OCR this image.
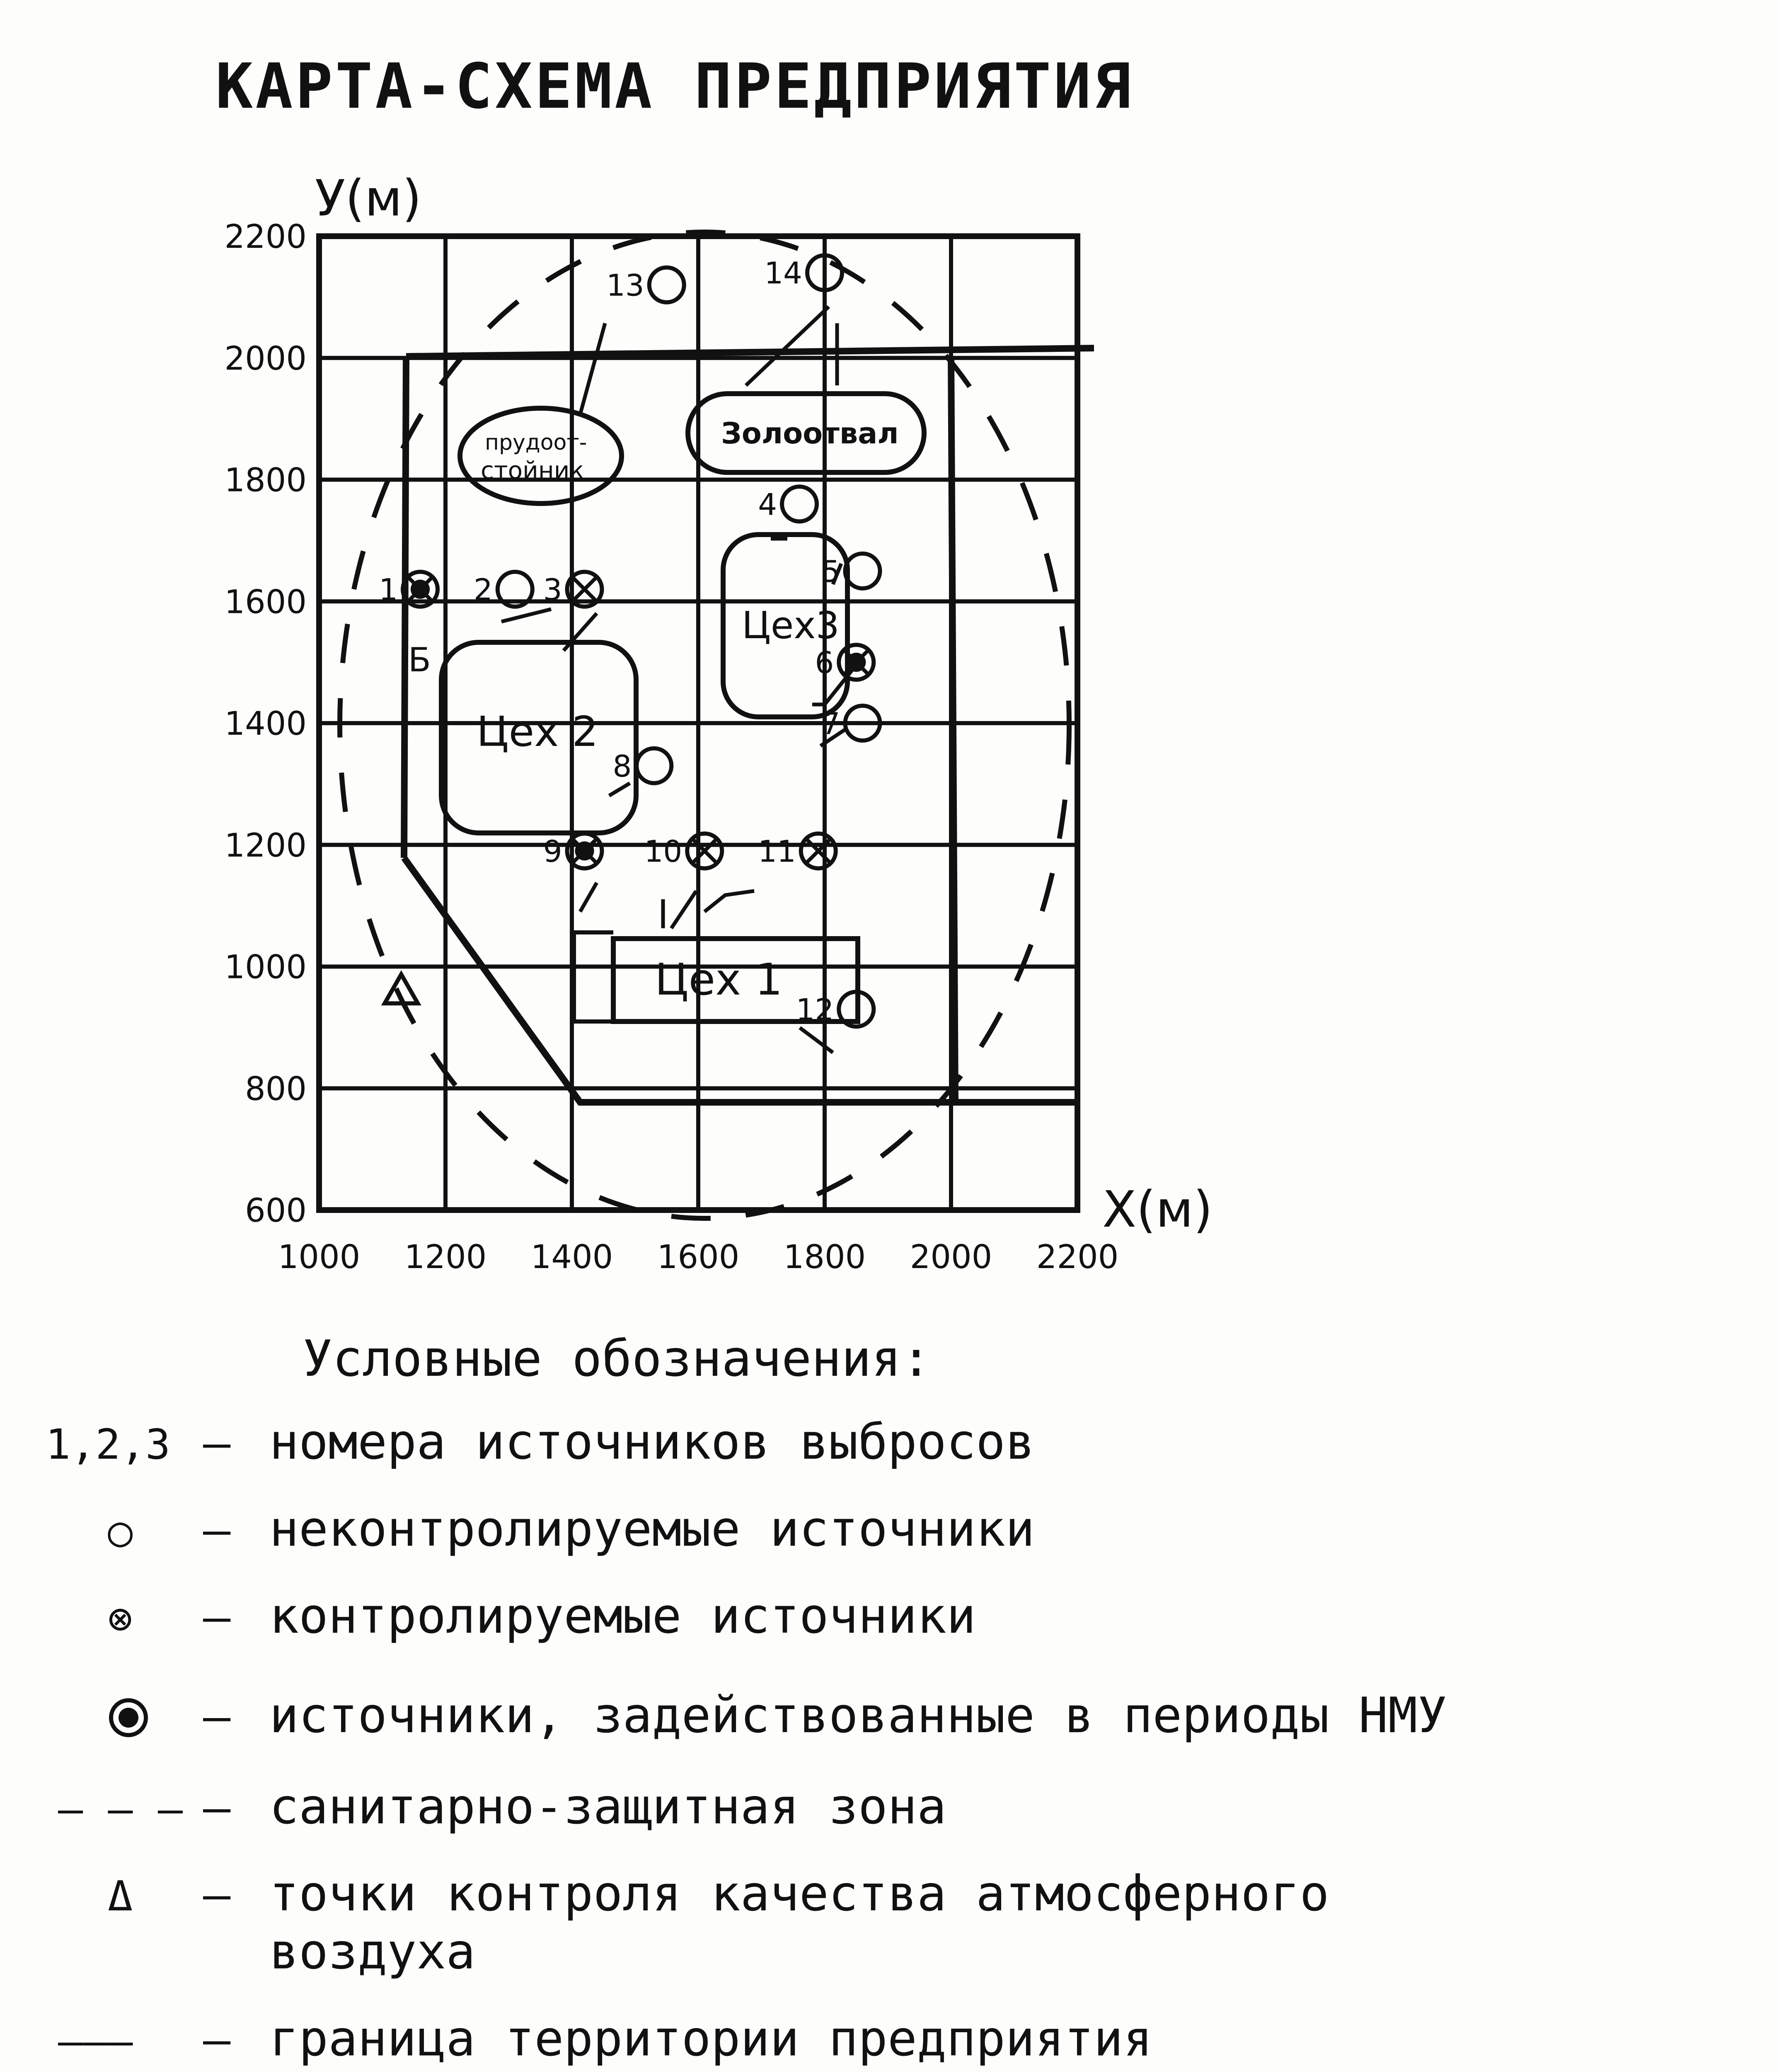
КАРТА-СХЕМА ПРЕДПРИЯТИЯ
У(м)
Х(м)
1000 1200 1400 1600 1800 2000 2200
2200
2000
1800
1600
1400
1200
1000
800
600
Цех 2
Цех3
Цех 1
Золоотвал
прудоот-
стойник
1	2 3
4
5
6
7
8
9	10	11
12
13	14
Б
Условные обозначения:
1,2,3 – номера источников выбросов
○ – неконтролируемые источники
⊗ – контролируемые источники
– источники, задействованные в периоды НМУ
– – – – санитарно-защитная зона
Δ – точки контроля качества атмосферного
воздуха
——— – граница территории предприятия
